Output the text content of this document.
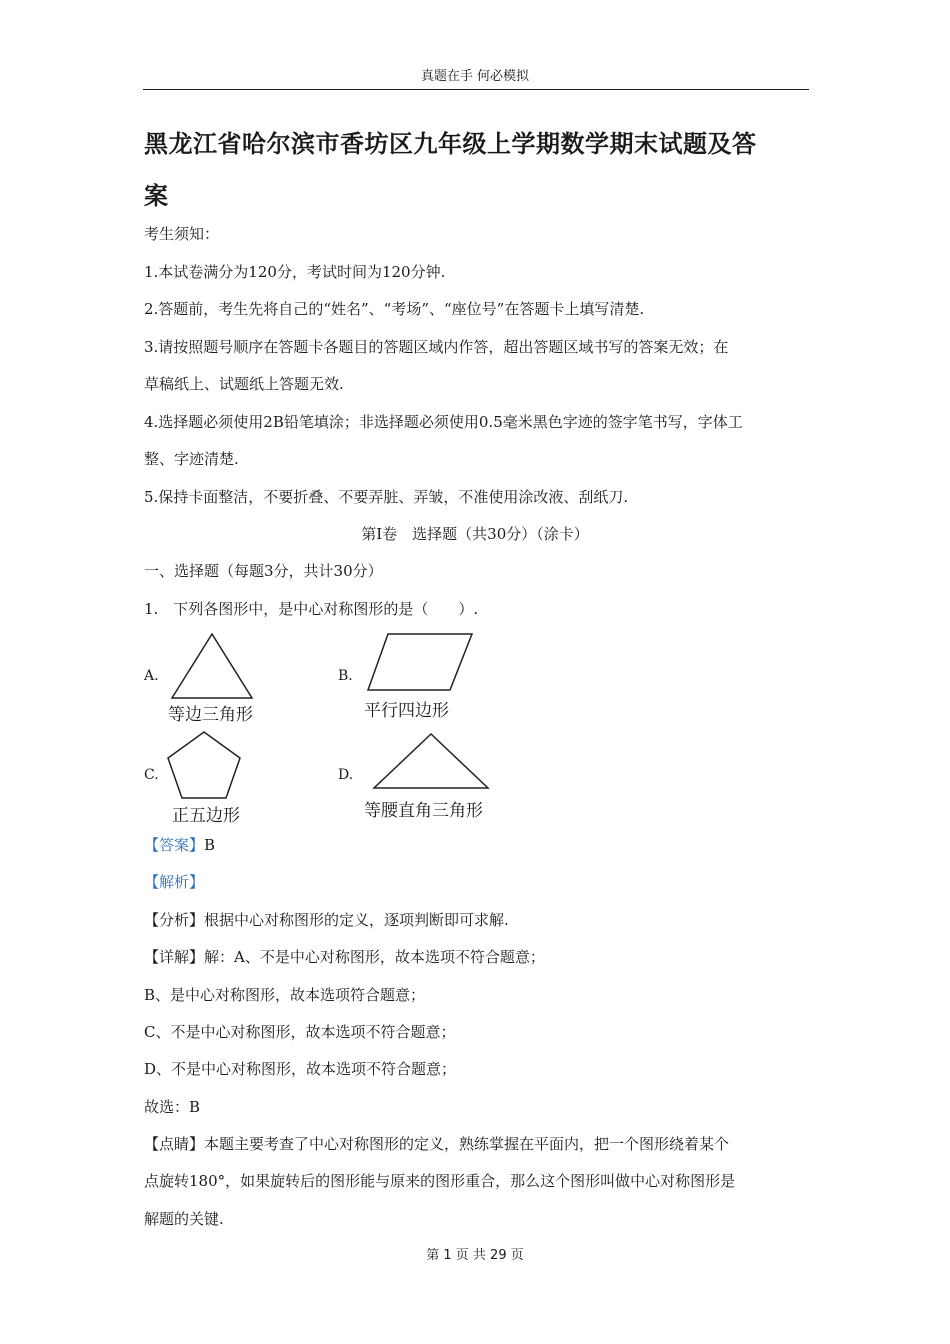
真题在手 何必模拟
黑龙江省哈尔滨市香坊区九年级上学期数学期末试题及答
案
考生须知：
1.本试卷满分为120分，考试时间为120分钟.
2.答题前，考生先将自己的“姓名”、“考场”、“座位号”在答题卡上填写清楚.
3.请按照题号顺序在答题卡各题目的答题区域内作答，超出答题区域书写的答案无效；在
草稿纸上、试题纸上答题无效.
4.选择题必须使用2B铅笔填涂；非选择题必须使用0.5毫米黑色字迹的签字笔书写，字体工
整、字迹清楚.
5.保持卡面整洁，不要折叠、不要弄脏、弄皱，不准使用涂改液、刮纸刀.
第Ⅰ卷　选择题（共30分）（涂卡）
一、选择题（每题3分，共计30分）
1.　下列各图形中，是中心对称图形的是（　　）.
A.
等边三角形
B.
平行四边形
C.
正五边形
D.
等腰直角三角形
【答案】B
【解析】
【分析】根据中心对称图形的定义，逐项判断即可求解.
【详解】解：A、不是中心对称图形，故本选项不符合题意；
B、是中心对称图形，故本选项符合题意；
C、不是中心对称图形，故本选项不符合题意；
D、不是中心对称图形，故本选项不符合题意；
故选：B
【点睛】本题主要考查了中心对称图形的定义，熟练掌握在平面内，把一个图形绕着某个
点旋转180°，如果旋转后的图形能与原来的图形重合，那么这个图形叫做中心对称图形是
解题的关键.
第 1 页 共 29 页
